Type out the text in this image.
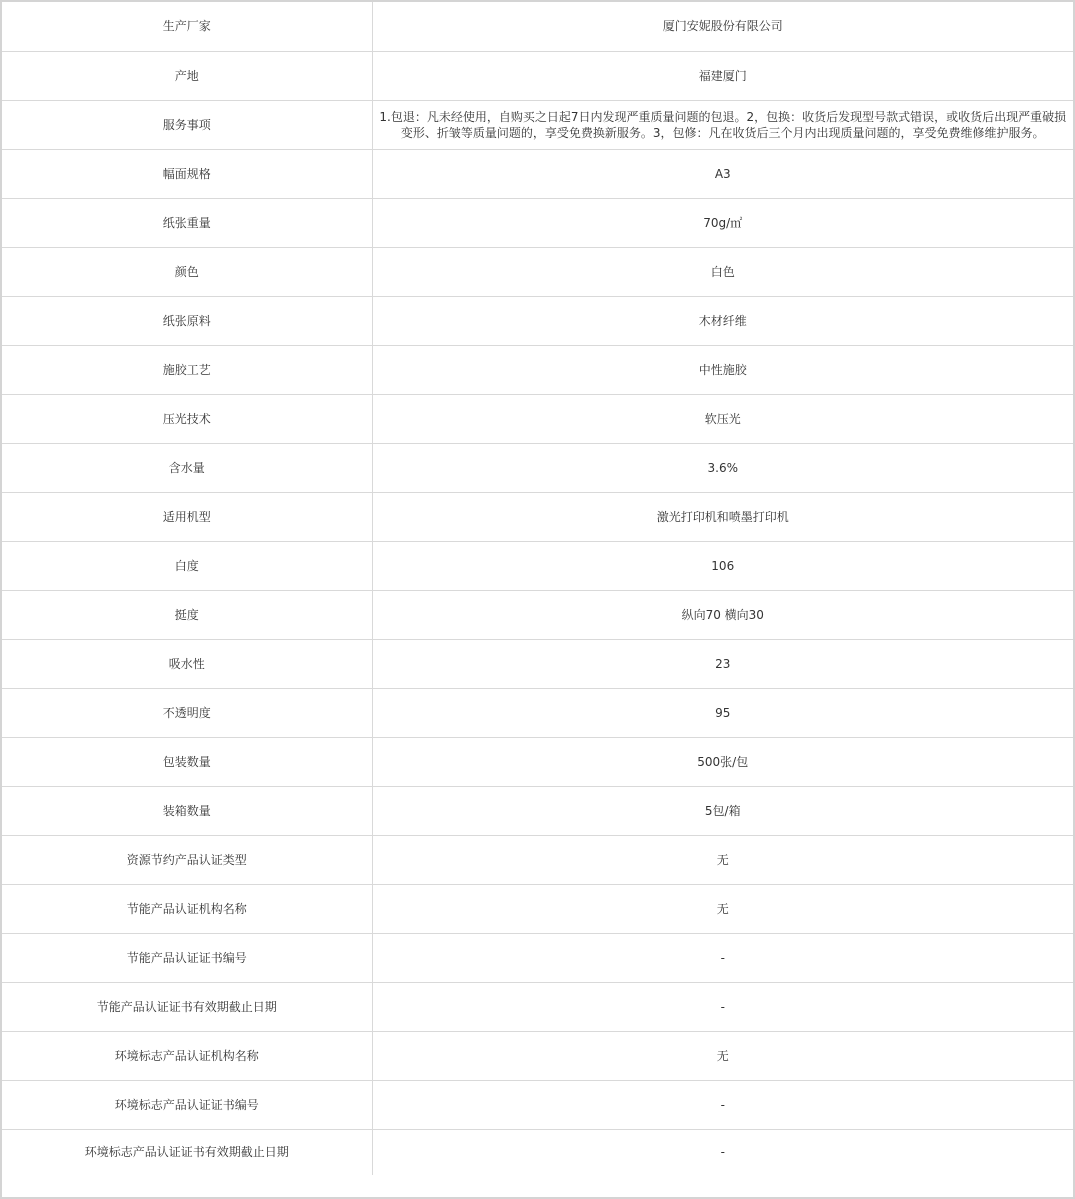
生产厂家	厦门安妮股份有限公司
产地	福建厦门
服务事项	1.包退：凡未经使用，自购买之日起7日内发现严重质量问题的包退。2，包换：收货后发现型号款式错误，或收货后出现严重破损变形、折皱等质量问题的，享受免费换新服务。3，包修：凡在收货后三个月内出现质量问题的，享受免费维修维护服务。
幅面规格	A3
纸张重量	70g/㎡
颜色	白色
纸张原料	木材纤维
施胶工艺	中性施胶
压光技术	软压光
含水量	3.6%
适用机型	激光打印机和喷墨打印机
白度	106
挺度	纵向70 横向30
吸水性	23
不透明度	95
包装数量	500张/包
装箱数量	5包/箱
资源节约产品认证类型	无
节能产品认证机构名称	无
节能产品认证证书编号	-
节能产品认证证书有效期截止日期	-
环境标志产品认证机构名称	无
环境标志产品认证证书编号	-
环境标志产品认证证书有效期截止日期	-
